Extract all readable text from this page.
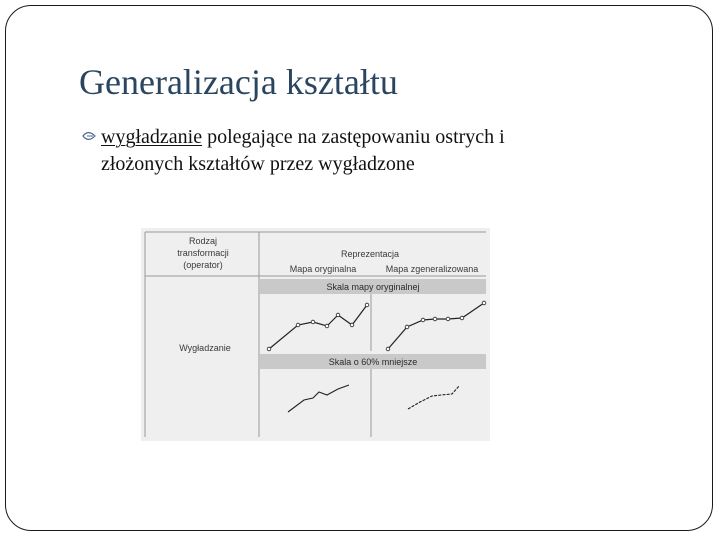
Generalizacja kształtu

wygładzanie polegające na zastępowaniu ostrych i
złożonych kształtów przez wygładzone

Rodzaj
transformacji
(operator)
Reprezentacja
Mapa oryginalna	Mapa zgeneralizowana
Skala mapy oryginalnej
Skala o 60% mniejsze
Wygładzanie
